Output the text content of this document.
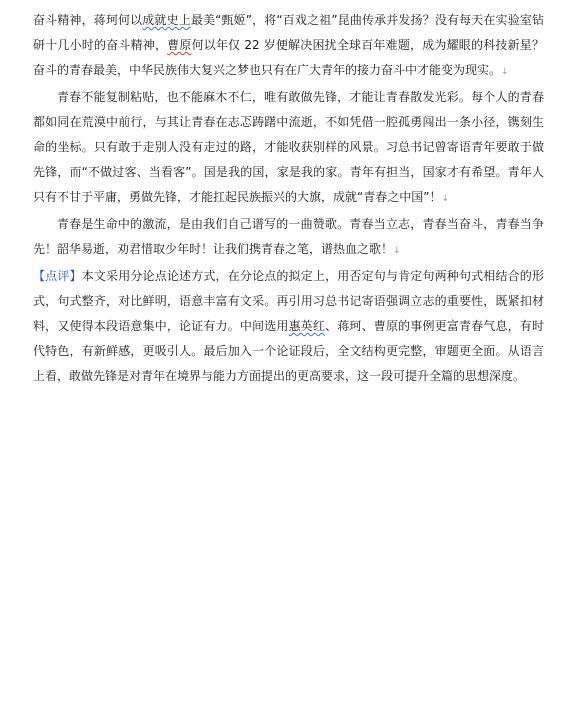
奋斗精神，蒋珂何以成就史上最美“甄姬”，将“百戏之祖”昆曲传承并发扬？没有每天在实验室钻研十几小时的奋斗精神，曹原何以年仅 22 岁便解决困扰全球百年难题，成为耀眼的科技新星？奋斗的青春最美，中华民族伟大复兴之梦也只有在广大青年的接力奋斗中才能变为现实。↓

青春不能复制粘贴，也不能麻木不仁，唯有敢做先锋，才能让青春散发光彩。每个人的青春都如同在荒漠中前行，与其让青春在志忑踌躇中流逝，不如凭借一腔孤勇闯出一条小径，镌刻生命的坐标。只有敢于走别人没有走过的路，才能收获别样的风景。习总书记曾寄语青年要敢于做先锋，而“不做过客、当看客”。国是我的国，家是我的家。青年有担当，国家才有希望。青年人只有不甘于平庸，勇做先锋，才能扛起民族振兴的大旗，成就“青春之中国”！↓

青春是生命中的激流，是由我们自己谱写的一曲赞歌。青春当立志，青春当奋斗，青春当争先！韶华易逝，劝君惜取少年时！让我们携青春之笔，谱热血之歌！↓

【点评】本文采用分论点论述方式，在分论点的拟定上，用否定句与肯定句两种句式相结合的形式，句式整齐，对比鲜明，语意丰富有文采。再引用习总书记寄语强调立志的重要性，既紧扣材料，又使得本段语意集中，论证有力。中间选用惠英红、蒋珂、曹原的事例更富青春气息，有时代特色，有新鲜感，更吸引人。最后加入一个论证段后，全文结构更完整，审题更全面。从语言上看，敢做先锋是对青年在境界与能力方面提出的更高要求，这一段可提升全篇的思想深度。
